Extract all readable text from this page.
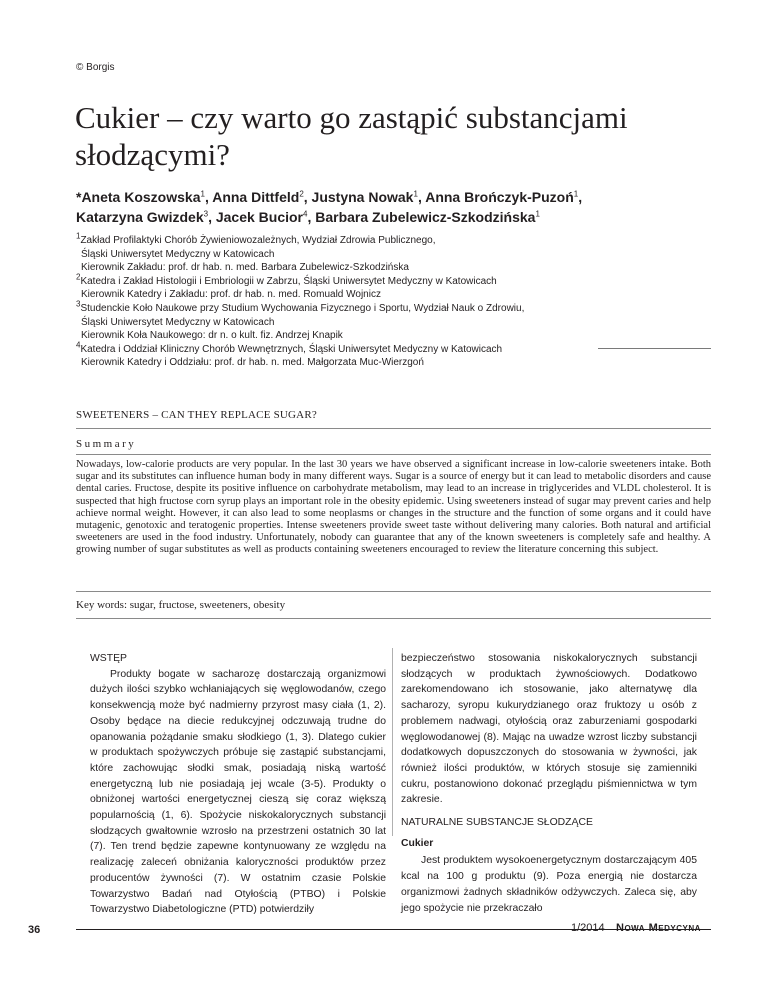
© Borgis
Cukier – czy warto go zastąpić substancjami słodzącymi?
*Aneta Koszowska$^1$, Anna Dittfeld$^2$, Justyna Nowak$^1$, Anna Brończyk-Puzoń$^1$,
Katarzyna Gwizdek$^3$, Jacek Bucior$^4$, Barbara Zubelewicz-Szkodzińska$^1$
$^1$Zakład Profilaktyki Chorób Żywieniowozależnych, Wydział Zdrowia Publicznego,
Śląski Uniwersytet Medyczny w Katowicach
Kierownik Zakładu: prof. dr hab. n. med. Barbara Zubelewicz-Szkodzińska
$^2$Katedra i Zakład Histologii i Embriologii w Zabrzu, Śląski Uniwersytet Medyczny w Katowicach
Kierownik Katedry i Zakładu: prof. dr hab. n. med. Romuald Wojnicz
$^3$Studenckie Koło Naukowe przy Studium Wychowania Fizycznego i Sportu, Wydział Nauk o Zdrowiu,
Śląski Uniwersytet Medyczny w Katowicach
Kierownik Koła Naukowego: dr n. o kult. fiz. Andrzej Knapik
$^4$Katedra i Oddział Kliniczny Chorób Wewnętrznych, Śląski Uniwersytet Medyczny w Katowicach
Kierownik Katedry i Oddziału: prof. dr hab. n. med. Małgorzata Muc-Wierzgoń
SWEETENERS – CAN THEY REPLACE SUGAR?
Summary
Nowadays, low-calorie products are very popular. In the last 30 years we have observed a significant increase in low-calorie sweeteners intake. Both sugar and its substitutes can influence human body in many different ways. Sugar is a source of energy but it can lead to metabolic disorders and cause dental caries. Fructose, despite its positive influence on carbohydrate metabolism, may lead to an increase in triglycerides and VLDL cholesterol. It is suspected that high fructose corn syrup plays an important role in the obesity epidemic. Using sweeteners instead of sugar may prevent caries and help achieve normal weight. However, it can also lead to some neoplasms or changes in the structure and the function of some organs and it could have mutagenic, genotoxic and teratogenic properties. Intense sweeteners provide sweet taste without delivering many calories. Both natural and artificial sweeteners are used in the food industry. Unfortunately, nobody can guarantee that any of the known sweeteners is completely safe and healthy. A growing number of sugar substitutes as well as products containing sweeteners encouraged to review the literature concerning this subject.
Key words: sugar, fructose, sweeteners, obesity

WSTĘP

Produkty bogate w sacharozę dostarczają organizmowi dużych ilości szybko wchłaniających się węglowodanów, czego konsekwencją może być nadmierny przyrost masy ciała (1, 2). Osoby będące na diecie redukcyjnej odczuwają trudne do opanowania pożądanie smaku słodkiego (1, 3). Dlatego cukier w produktach spożywczych próbuje się zastąpić substancjami, które zachowując słodki smak, posiadają niską wartość energetyczną lub nie posiadają jej wcale (3-5). Produkty o obniżonej wartości energetycznej cieszą się coraz większą popularnością (1, 6). Spożycie niskokalorycznych substancji słodzących gwałtownie wzrosło na przestrzeni ostatnich 30 lat (7). Ten trend będzie zapewne kontynuowany ze względu na realizację zaleceń obniżania kaloryczności produktów przez producentów żywności (7). W ostatnim czasie Polskie Towarzystwo Badań nad Otyłością (PTBO) i Polskie Towarzystwo Diabetologiczne (PTD) potwierdziły

bezpieczeństwo stosowania niskokalorycznych substancji słodzących w produktach żywnościowych. Dodatkowo zarekomendowano ich stosowanie, jako alternatywę dla sacharozy, syropu kukurydzianego oraz fruktozy u osób z problemem nadwagi, otyłością oraz zaburzeniami gospodarki węglowodanowej (8). Mając na uwadze wzrost liczby substancji dodatkowych dopuszczonych do stosowania w żywności, jak również ilości produktów, w których stosuje się zamienniki cukru, postanowiono dokonać przeglądu piśmiennictwa w tym zakresie.

NATURALNE SUBSTANCJE SŁODZĄCE

Cukier

Jest produktem wysokoenergetycznym dostarczającym 405 kcal na 100 g produktu (9). Poza energią nie dostarcza organizmowi żadnych składników odżywczych. Zaleca się, aby jego spożycie nie przekraczało

36	1/2014 Nowa Medycyna
